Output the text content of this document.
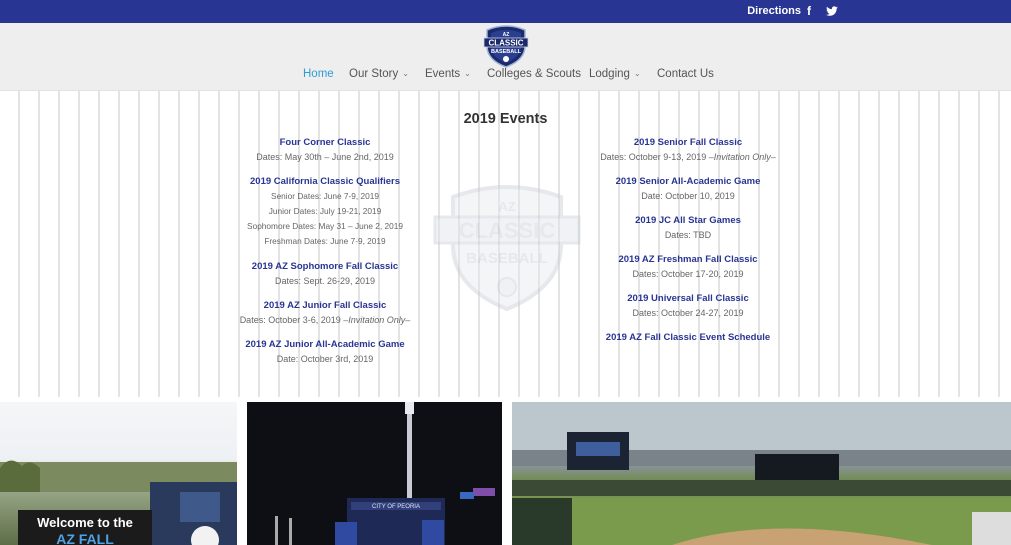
Directions f
AZ
CLASSIC
BASEBALL
Home Our Story ⌄ Events ⌄ Colleges & Scouts Lodging ⌄ Contact Us
2019 Events
AZ
CLASSIC
BASEBALL
Four Corner Classic
Dates: May 30th – June 2nd, 2019
2019 California Classic Qualifiers
Senior Dates: June 7-9, 2019
Junior Dates: July 19-21, 2019
Sophomore Dates: May 31 – June 2, 2019
Freshman Dates: June 7-9, 2019
2019 AZ Sophomore Fall Classic
Dates: Sept. 26-29, 2019
2019 AZ Junior Fall Classic
Dates: October 3-6, 2019 –Invitation Only–
2019 AZ Junior All-Academic Game
Date: October 3rd, 2019
2019 Senior Fall Classic
Dates: October 9-13, 2019 –Invitation Only–
2019 Senior All-Academic Game
Date: October 10, 2019
2019 JC All Star Games
Dates: TBD
2019 AZ Freshman Fall Classic
Dates: October 17-20, 2019
2019 Universal Fall Classic
Dates: October 24-27, 2019
2019 AZ Fall Classic Event Schedule
Welcome to the
AZ FALL
CITY OF PEORIA
